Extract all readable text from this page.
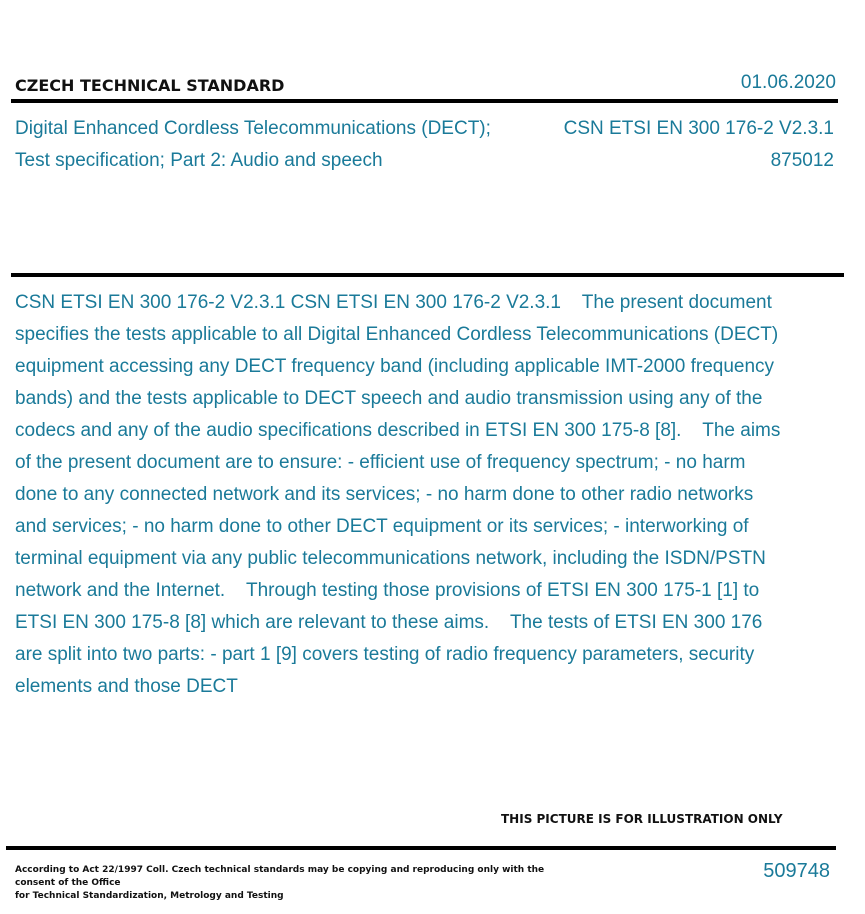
CZECH TECHNICAL STANDARD	01.06.2020
Digital Enhanced Cordless Telecommunications (DECT); Test specification; Part 2: Audio and speech
CSN ETSI EN 300 176-2 V2.3.1
875012
CSN ETSI EN 300 176-2 V2.3.1 CSN ETSI EN 300 176-2 V2.3.1    The present document specifies the tests applicable to all Digital Enhanced Cordless Telecommunications (DECT) equipment accessing any DECT frequency band (including applicable IMT-2000 frequency bands) and the tests applicable to DECT speech and audio transmission using any of the codecs and any of the audio specifications described in ETSI EN 300 175-8 [8].    The aims of the present document are to ensure: - efficient use of frequency spectrum; - no harm done to any connected network and its services; - no harm done to other radio networks and services; - no harm done to other DECT equipment or its services; - interworking of terminal equipment via any public telecommunications network, including the ISDN/PSTN network and the Internet.    Through testing those provisions of ETSI EN 300 175-1 [1] to ETSI EN 300 175-8 [8] which are relevant to these aims.    The tests of ETSI EN 300 176 are split into two parts: - part 1 [9] covers testing of radio frequency parameters, security elements and those DECT
THIS PICTURE IS FOR ILLUSTRATION ONLY
According to Act 22/1997 Coll. Czech technical standards may be copying and reproducing only with the consent of the Office
for Technical Standardization, Metrology and Testing
509748
